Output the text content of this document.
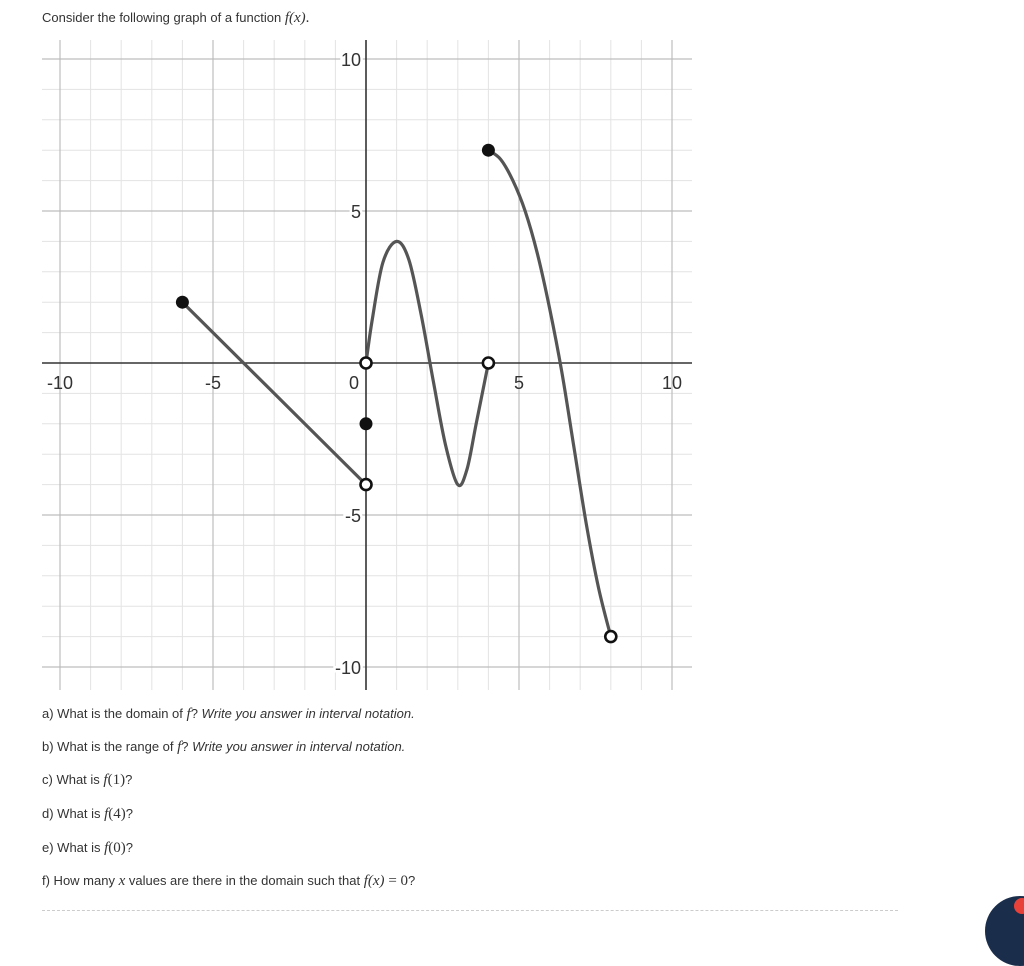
Consider the following graph of a function f(x).
-10	-5	0	5	10
10
5
-5
-10
a) What is the domain of f? Write you answer in interval notation.
b) What is the range of f? Write you answer in interval notation.
c) What is f(1)?
d) What is f(4)?
e) What is f(0)?
f) How many x values are there in the domain such that f(x) = 0?
